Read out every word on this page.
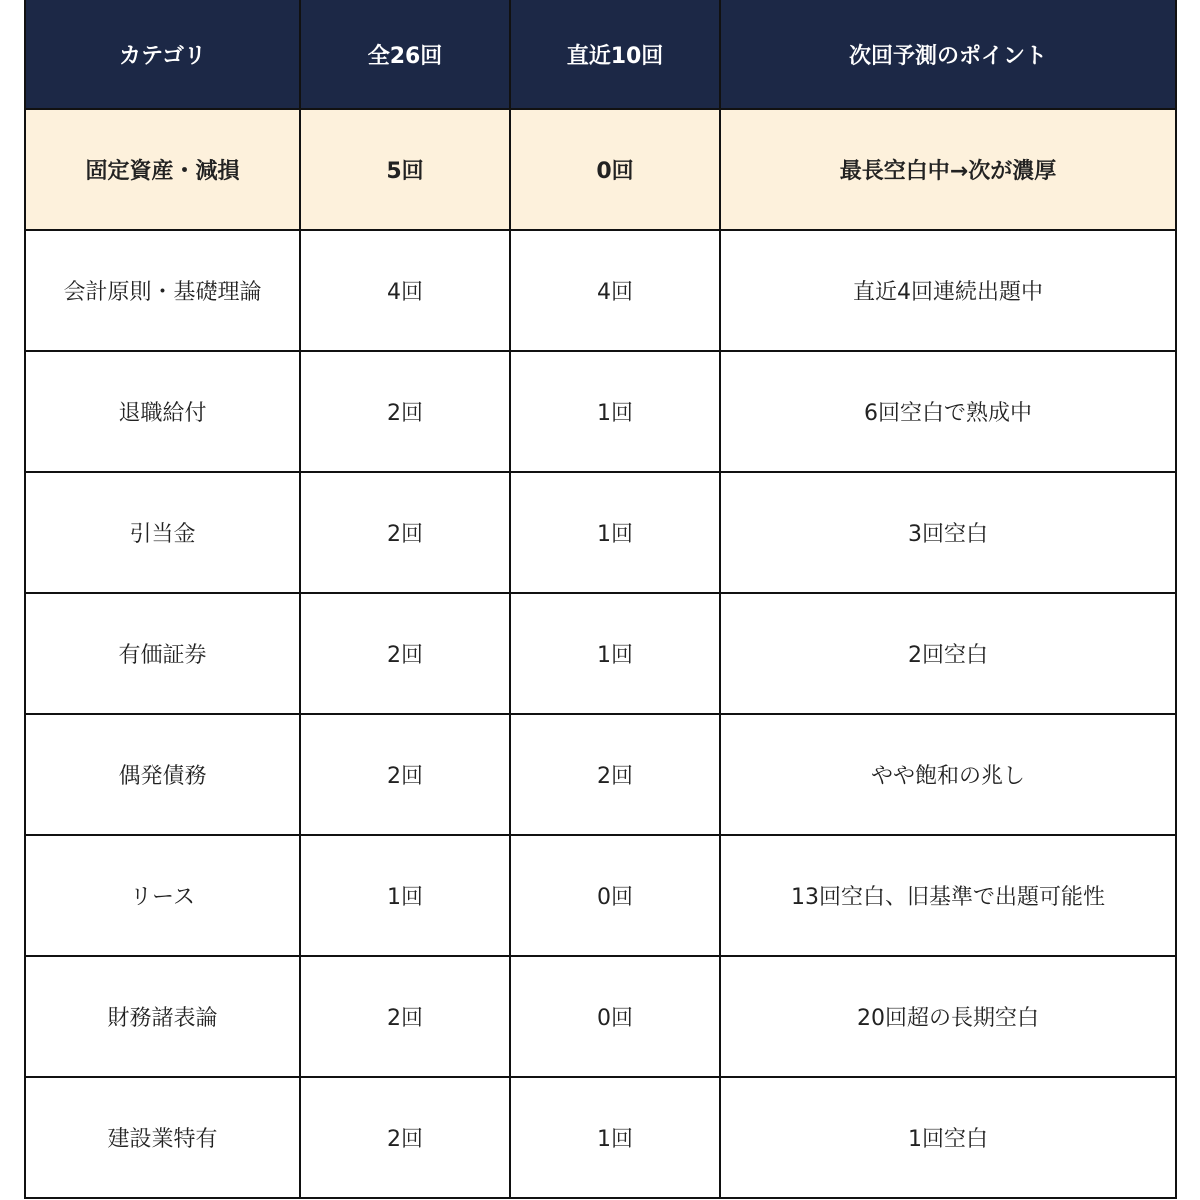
カテゴリ	全26回	直近10回	次回予測のポイント
固定資産・減損	5回	0回	最長空白中→次が濃厚
会計原則・基礎理論	4回	4回	直近4回連続出題中
退職給付	2回	1回	6回空白で熟成中
引当金	2回	1回	3回空白
有価証券	2回	1回	2回空白
偶発債務	2回	2回	やや飽和の兆し
リース	1回	0回	13回空白、旧基準で出題可能性
財務諸表論	2回	0回	20回超の長期空白
建設業特有	2回	1回	1回空白
